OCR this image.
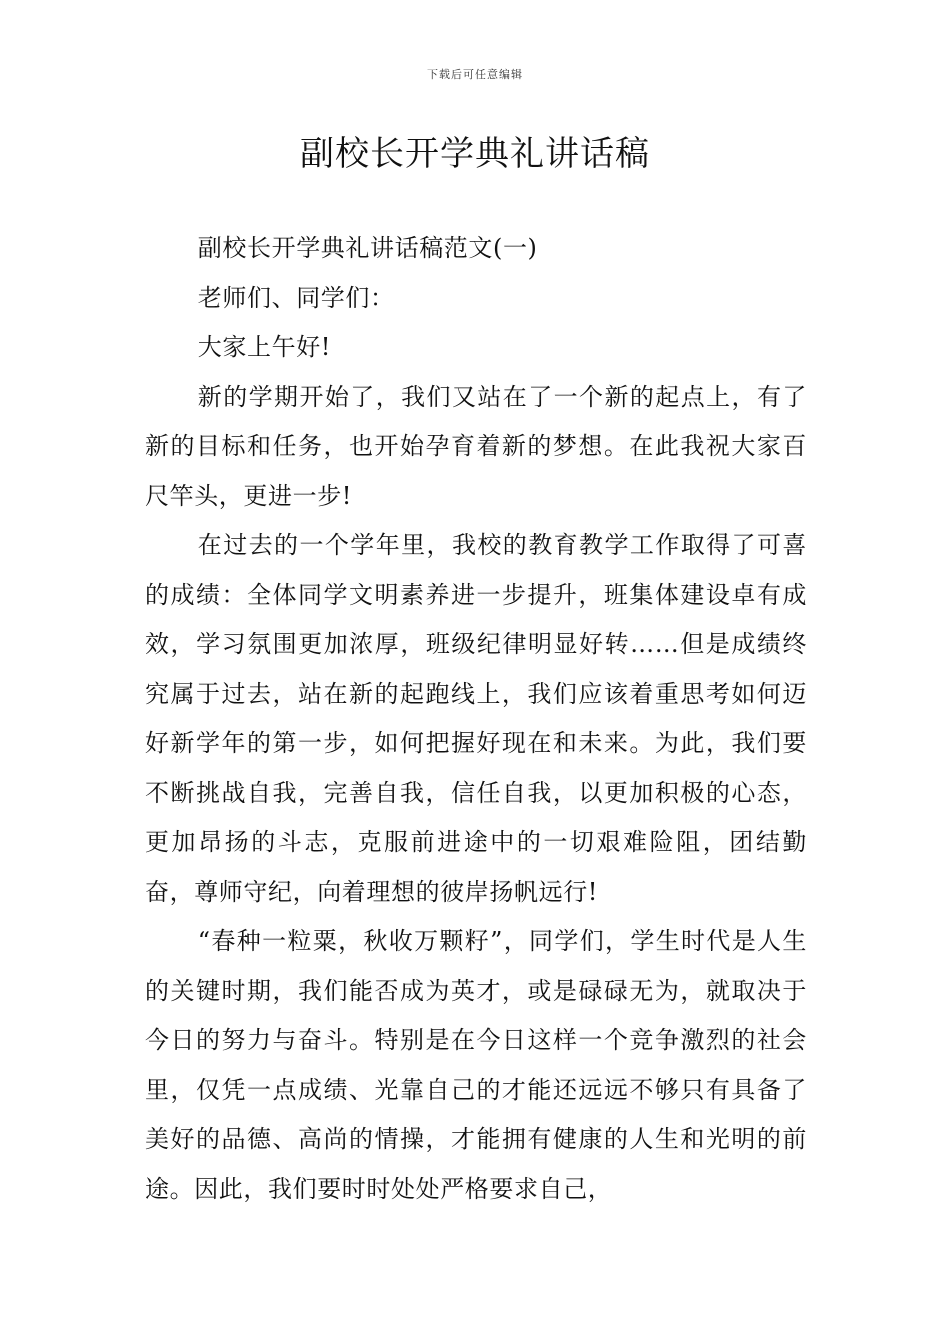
下载后可任意编辑
副校长开学典礼讲话稿

副校长开学典礼讲话稿范文(一)

老师们、同学们：

大家上午好!

新的学期开始了，我们又站在了一个新的起点上，有了新的目标和任务，也开始孕育着新的梦想。在此我祝大家百尺竿头，更进一步!

在过去的一个学年里，我校的教育教学工作取得了可喜的成绩：全体同学文明素养进一步提升，班集体建设卓有成效，学习氛围更加浓厚，班级纪律明显好转……但是成绩终究属于过去，站在新的起跑线上，我们应该着重思考如何迈好新学年的第一步，如何把握好现在和未来。为此，我们要不断挑战自我，完善自我，信任自我，以更加积极的心态，更加昂扬的斗志，克服前进途中的一切艰难险阻，团结勤奋，尊师守纪，向着理想的彼岸扬帆远行!

“春种一粒粟，秋收万颗籽”，同学们，学生时代是人生的关键时期，我们能否成为英才，或是碌碌无为，就取决于今日的努力与奋斗。特别是在今日这样一个竞争激烈的社会里，仅凭一点成绩、光靠自己的才能还远远不够只有具备了美好的品德、高尚的情操，才能拥有健康的人生和光明的前途。因此，我们要时时处处严格要求自己，
